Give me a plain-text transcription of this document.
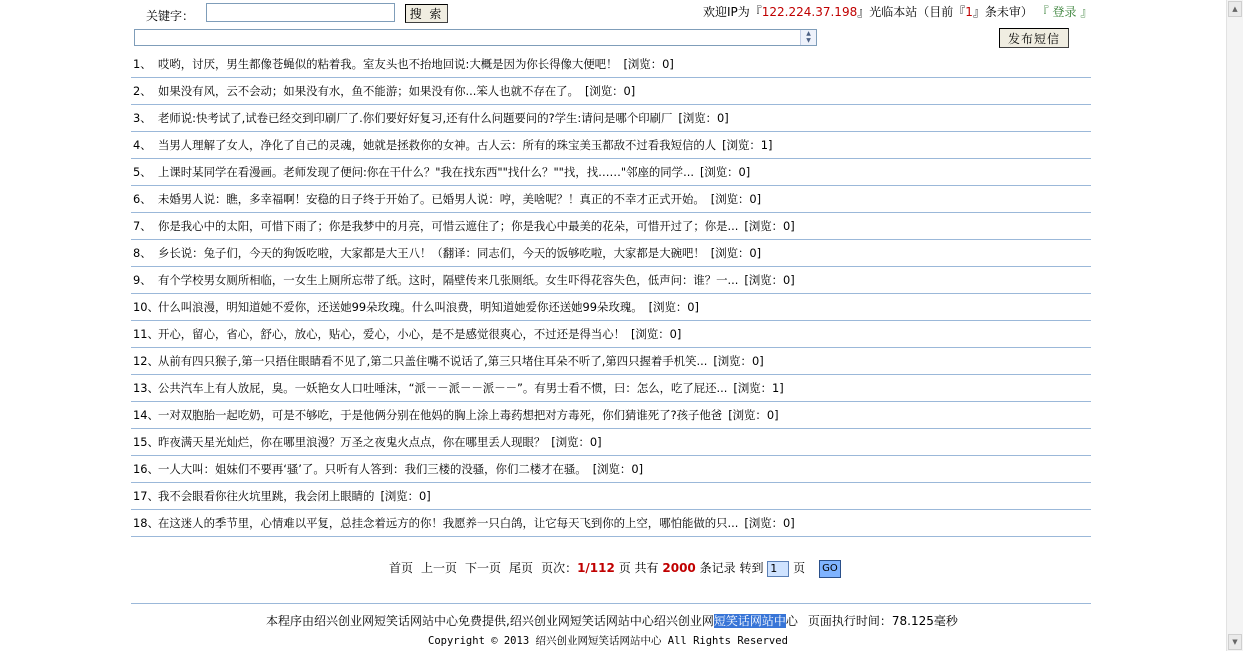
关键字：	搜 索	欢迎IP为『122.224.37.198』光临本站（目前『1』条未审） 『 登录 』
▲
▼	发布短信
1、 哎哟，讨厌，男生都像苍蝇似的粘着我。室友头也不抬地回说:大概是因为你长得像大便吧！ [浏览：0]
2、 如果没有风，云不会动；如果没有水，鱼不能游；如果没有你...笨人也就不存在了。 [浏览：0]
3、 老师说:快考试了,试卷已经交到印刷厂了.你们要好好复习,还有什么问题要问的?学生:请问是哪个印刷厂 [浏览：0]
4、 当男人理解了女人，净化了自己的灵魂，她就是拯救你的女神。古人云：所有的珠宝美玉都敌不过看我短信的人 [浏览：1]
5、 上课时某同学在看漫画。老师发现了便问:你在干什么？"我在找东西""找什么？""找，找……"邻座的同学... [浏览：0]
6、 未婚男人说：瞧，多幸福啊！安稳的日子终于开始了。已婚男人说：哼，美啥呢？！真正的不幸才正式开始。 [浏览：0]
7、 你是我心中的太阳，可惜下雨了；你是我梦中的月亮，可惜云遮住了；你是我心中最美的花朵，可惜开过了；你是... [浏览：0]
8、 乡长说：兔子们，今天的狗饭吃啦，大家都是大王八！（翻译：同志们，今天的饭够吃啦，大家都是大碗吧！ [浏览：0]
9、 有个学校男女厕所相临，一女生上厕所忘带了纸。这时，隔壁传来几张厕纸。女生吓得花容失色，低声问：谁？一... [浏览：0]
10、 什么叫浪漫，明知道她不爱你，还送她99朵玫瑰。什么叫浪费，明知道她爱你还送她99朵玫瑰。 [浏览：0]
11、 开心，留心，省心，舒心，放心，贴心，爱心，小心，是不是感觉很爽心，不过还是得当心！ [浏览：0]
12、 从前有四只猴子,第一只捂住眼睛看不见了,第二只盖住嘴不说话了,第三只堵住耳朵不听了,第四只握着手机笑... [浏览：0]
13、 公共汽车上有人放屁，臭。一妖艳女人口吐唾沫，“派－－派－－派－－”。有男士看不惯，曰：怎么，吃了屁还... [浏览：1]
14、 一对双胞胎一起吃奶，可是不够吃，于是他俩分别在他妈的胸上涂上毒药想把对方毒死，你们猜谁死了?孩子他爸 [浏览：0]
15、 昨夜满天星光灿烂，你在哪里浪漫？万圣之夜鬼火点点，你在哪里丢人现眼？ [浏览：0]
16、 一人大叫：姐妹们不要再‘骚’了。只听有人答到：我们三楼的没骚，你们二楼才在骚。 [浏览：0]
17、 我不会眼看你往火坑里跳，我会闭上眼睛的 [浏览：0]
18、 在这迷人的季节里，心情难以平复，总挂念着远方的你！我愿养一只白鸽，让它每天飞到你的上空，哪怕能做的只... [浏览：0]
首页 上一页 下一页 尾页 页次：1/112 页 共有 2000 条记录 转到 1 页 GO
本程序由绍兴创业网短笑话网站中心免费提供,绍兴创业网短笑话网站中心绍兴创业网短笑话网站中心 页面执行时间：78.125毫秒
Copyright © 2013 绍兴创业网短笑话网站中心 All Rights Reserved
▲
▼
